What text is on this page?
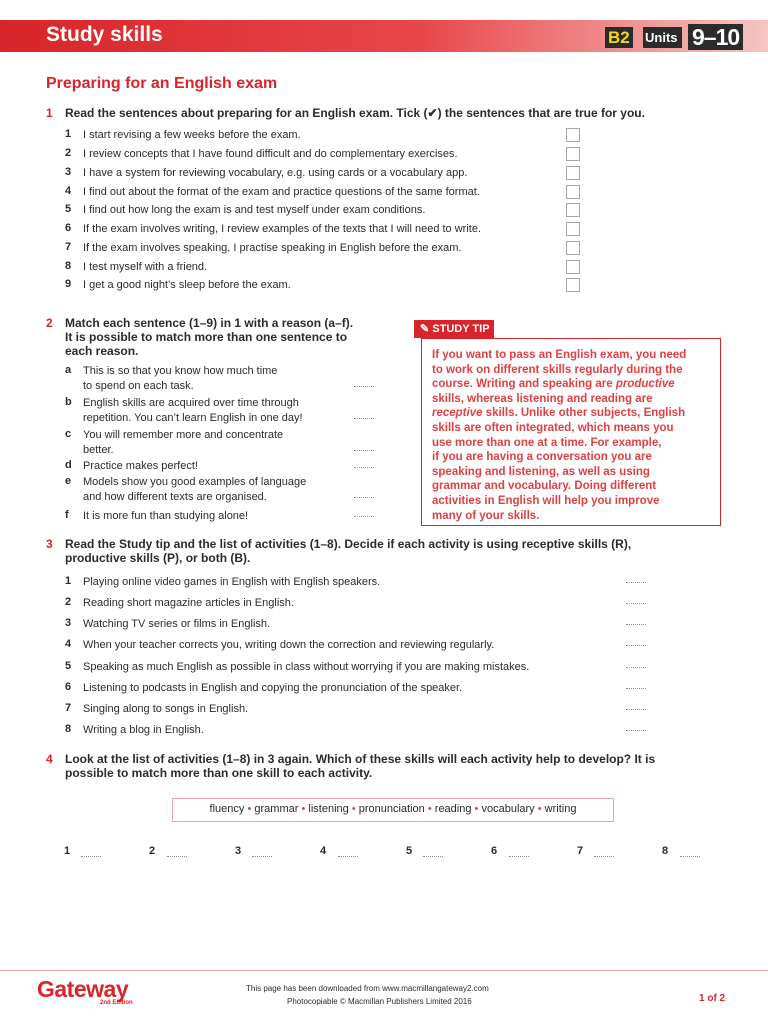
Study skills	B2 Units 9–10
Preparing for an English exam
1 Read the sentences about preparing for an English exam. Tick (✔) the sentences that are true for you.
1 I start revising a few weeks before the exam.
2 I review concepts that I have found difficult and do complementary exercises.
3 I have a system for reviewing vocabulary, e.g. using cards or a vocabulary app.
4 I find out about the format of the exam and practice questions of the same format.
5 I find out how long the exam is and test myself under exam conditions.
6 If the exam involves writing, I review examples of the texts that I will need to write.
7 If the exam involves speaking, I practise speaking in English before the exam.
8 I test myself with a friend.
9 I get a good night’s sleep before the exam.
2 Match each sentence (1–9) in 1 with a reason (a–f).
It is possible to match more than one sentence to
each reason.
a This is so that you know how much time
to spend on each task.
b English skills are acquired over time through
repetition. You can’t learn English in one day!
c You will remember more and concentrate
better.
d Practice makes perfect!
e Models show you good examples of language
and how different texts are organised.
f It is more fun than studying alone!
✎ STUDY TIP
If you want to pass an English exam, you need
to work on different skills regularly during the
course. Writing and speaking are productive
skills, whereas listening and reading are
receptive skills. Unlike other subjects, English
skills are often integrated, which means you
use more than one at a time. For example,
if you are having a conversation you are
speaking and listening, as well as using
grammar and vocabulary. Doing different
activities in English will help you improve
many of your skills.
3 Read the Study tip and the list of activities (1–8). Decide if each activity is using receptive skills (R),
productive skills (P), or both (B).
1 Playing online video games in English with English speakers.
2 Reading short magazine articles in English.
3 Watching TV series or films in English.
4 When your teacher corrects you, writing down the correction and reviewing regularly.
5 Speaking as much English as possible in class without worrying if you are making mistakes.
6 Listening to podcasts in English and copying the pronunciation of the speaker.
7 Singing along to songs in English.
8 Writing a blog in English.
4 Look at the list of activities (1–8) in 3 again. Which of these skills will each activity help to develop? It is
possible to match more than one skill to each activity.
fluency • grammar • listening • pronunciation • reading • vocabulary • writing
1	2	3	4	5	6	7	8
Gateway
2nd Edition
This page has been downloaded from www.macmillangateway2.com
Photocopiable © Macmillan Publishers Limited 2016	1 of 2
